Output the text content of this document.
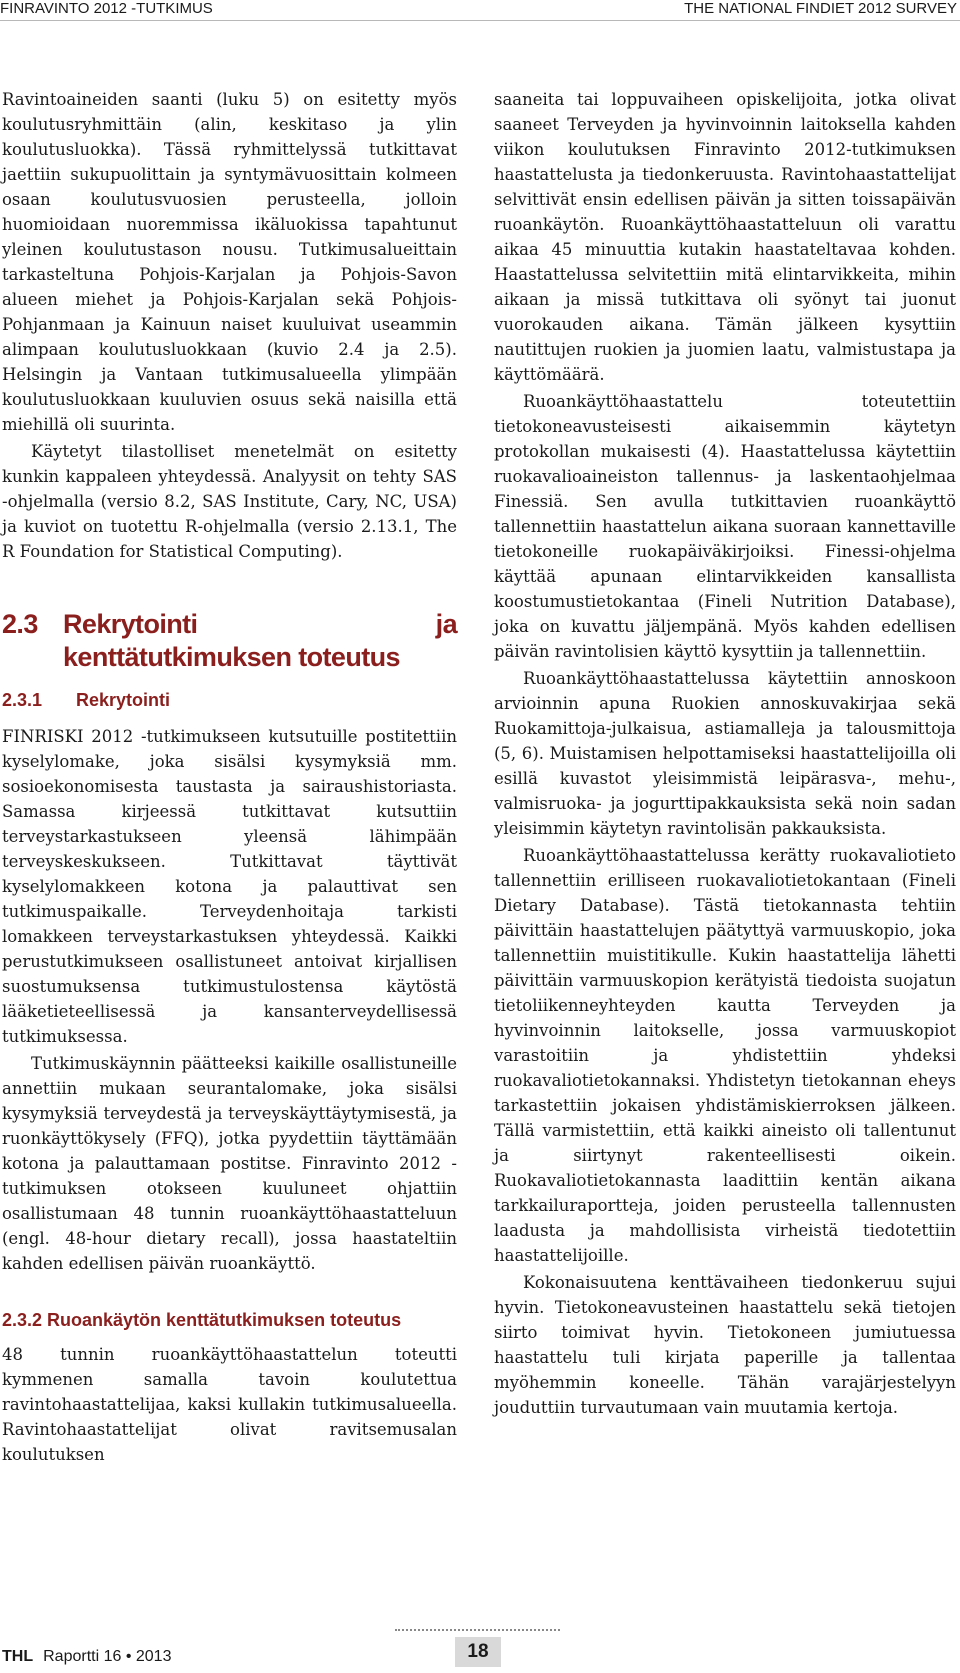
FINRAVINTO 2012 -TUTKIMUS	THE NATIONAL FINDIET 2012 SURVEY

Ravintoaineiden saanti (luku 5) on esitetty myös koulutusryhmittäin (alin, keskitaso ja ylin koulutusluokka). Tässä ryhmittelyssä tutkittavat jaettiin sukupuolittain ja syntymävuosittain kolmeen osaan koulutusvuosien perusteella, jolloin huomioidaan nuoremmissa ikäluokissa tapahtunut yleinen koulutustason nousu. Tutkimusalueittain tarkasteltuna Pohjois-Karjalan ja Pohjois-Savon alueen miehet ja Pohjois-Karjalan sekä Pohjois-Pohjanmaan ja Kainuun naiset kuuluivat useammin alimpaan koulutusluokkaan (kuvio 2.4 ja 2.5). Helsingin ja Vantaan tutkimusalueella ylimpään koulutusluokkaan kuuluvien osuus sekä naisilla että miehillä oli suurinta.

Käytetyt tilastolliset menetelmät on esitetty kunkin kappaleen yhteydessä. Analyysit on tehty SAS -ohjelmalla (versio 8.2, SAS Institute, Cary, NC, USA) ja kuviot on tuotettu R-ohjelmalla (versio 2.13.1, The R Foundation for Statistical Computing).

2.3 Rekrytointi ja kenttätutkimuksen toteutus
2.3.1	Rekrytointi

FINRISKI 2012 -tutkimukseen kutsutuille postitettiin kyselylomake, joka sisälsi kysymyksiä mm. sosioekonomisesta taustasta ja sairaushistoriasta. Samassa kirjeessä tutkittavat kutsuttiin terveystarkastukseen yleensä lähimpään terveyskeskukseen. Tutkittavat täyttivät kyselylomakkeen kotona ja palauttivat sen tutkimuspaikalle. Terveydenhoitaja tarkisti lomakkeen terveystarkastuksen yhteydessä. Kaikki perustutkimukseen osallistuneet antoivat kirjallisen suostumuksensa tutkimustulostensa käytöstä lääketieteellisessä ja kansanterveydellisessä tutkimuksessa.

Tutkimuskäynnin päätteeksi kaikille osallistuneille annettiin mukaan seurantalomake, joka sisälsi kysymyksiä terveydestä ja terveyskäyttäytymisestä, ja ruonkäyttökysely (FFQ), jotka pyydettiin täyttämään kotona ja palauttamaan postitse. Finravinto 2012 -tutkimuksen otokseen kuuluneet ohjattiin osallistumaan 48 tunnin ruoankäyttöhaastatteluun (engl. 48-hour dietary recall), jossa haastateltiin kahden edellisen päivän ruoankäyttö.

2.3.2 Ruoankäytön kenttätutkimuksen toteutus

48 tunnin ruoankäyttöhaastattelun toteutti kymmenen samalla tavoin koulutettua ravintohaastattelijaa, kaksi kullakin tutkimusalueella. Ravintohaastattelijat olivat ravitsemusalan koulutuksen

saaneita tai loppuvaiheen opiskelijoita, jotka olivat saaneet Terveyden ja hyvinvoinnin laitoksella kahden viikon koulutuksen Finravinto 2012-tutkimuksen haastattelusta ja tiedonkeruusta. Ravintohaastattelijat selvittivät ensin edellisen päivän ja sitten toissapäivän ruoankäytön. Ruoankäyttöhaastatteluun oli varattu aikaa 45 minuuttia kutakin haastateltavaa kohden. Haastattelussa selvitettiin mitä elintarvikkeita, mihin aikaan ja missä tutkittava oli syönyt tai juonut vuorokauden aikana. Tämän jälkeen kysyttiin nautittujen ruokien ja juomien laatu, valmistustapa ja käyttömäärä.

Ruoankäyttöhaastattelu toteutettiin tietokoneavusteisesti aikaisemmin käytetyn protokollan mukaisesti (4). Haastattelussa käytettiin ruokavalioaineiston tallennus- ja laskentaohjelmaa Finessiä. Sen avulla tutkittavien ruoankäyttö tallennettiin haastattelun aikana suoraan kannettaville tietokoneille ruokapäiväkirjoiksi. Finessi-ohjelma käyttää apunaan elintarvikkeiden kansallista koostumustietokantaa (Fineli Nutrition Database), joka on kuvattu jäljempänä. Myös kahden edellisen päivän ravintolisien käyttö kysyttiin ja tallennettiin.

Ruoankäyttöhaastattelussa käytettiin annoskoon arvioinnin apuna Ruokien annoskuvakirjaa sekä Ruokamittoja-julkaisua, astiamalleja ja talousmittoja (5, 6). Muistamisen helpottamiseksi haastattelijoilla oli esillä kuvastot yleisimmistä leipärasva-, mehu-, valmisruoka- ja jogurttipakkauksista sekä noin sadan yleisimmin käytetyn ravintolisän pakkauksista.

Ruoankäyttöhaastattelussa kerätty ruokavaliotieto tallennettiin erilliseen ruokavaliotietokantaan (Fineli Dietary Database). Tästä tietokannasta tehtiin päivittäin haastattelujen päätyttyä varmuuskopio, joka tallennettiin muistitikulle. Kukin haastattelija lähetti päivittäin varmuuskopion kerätyistä tiedoista suojatun tietoliikenneyhteyden kautta Terveyden ja hyvinvoinnin laitokselle, jossa varmuuskopiot varastoitiin ja yhdistettiin yhdeksi ruokavaliotietokannaksi. Yhdistetyn tietokannan eheys tarkastettiin jokaisen yhdistämiskierroksen jälkeen. Tällä varmistettiin, että kaikki aineisto oli tallentunut ja siirtynyt rakenteellisesti oikein. Ruokavaliotietokannasta laadittiin kentän aikana tarkkailuraportteja, joiden perusteella tallennusten laadusta ja mahdollisista virheistä tiedotettiin haastattelijoille.

Kokonaisuutena kenttävaiheen tiedonkeruu sujui hyvin. Tietokoneavusteinen haastattelu sekä tietojen siirto toimivat hyvin. Tietokoneen jumiutuessa haastattelu tuli kirjata paperille ja tallentaa myöhemmin koneelle. Tähän varajärjestelyyn jouduttiin turvautumaan vain muutamia kertoja.

THL Raportti 16 • 2013	18
